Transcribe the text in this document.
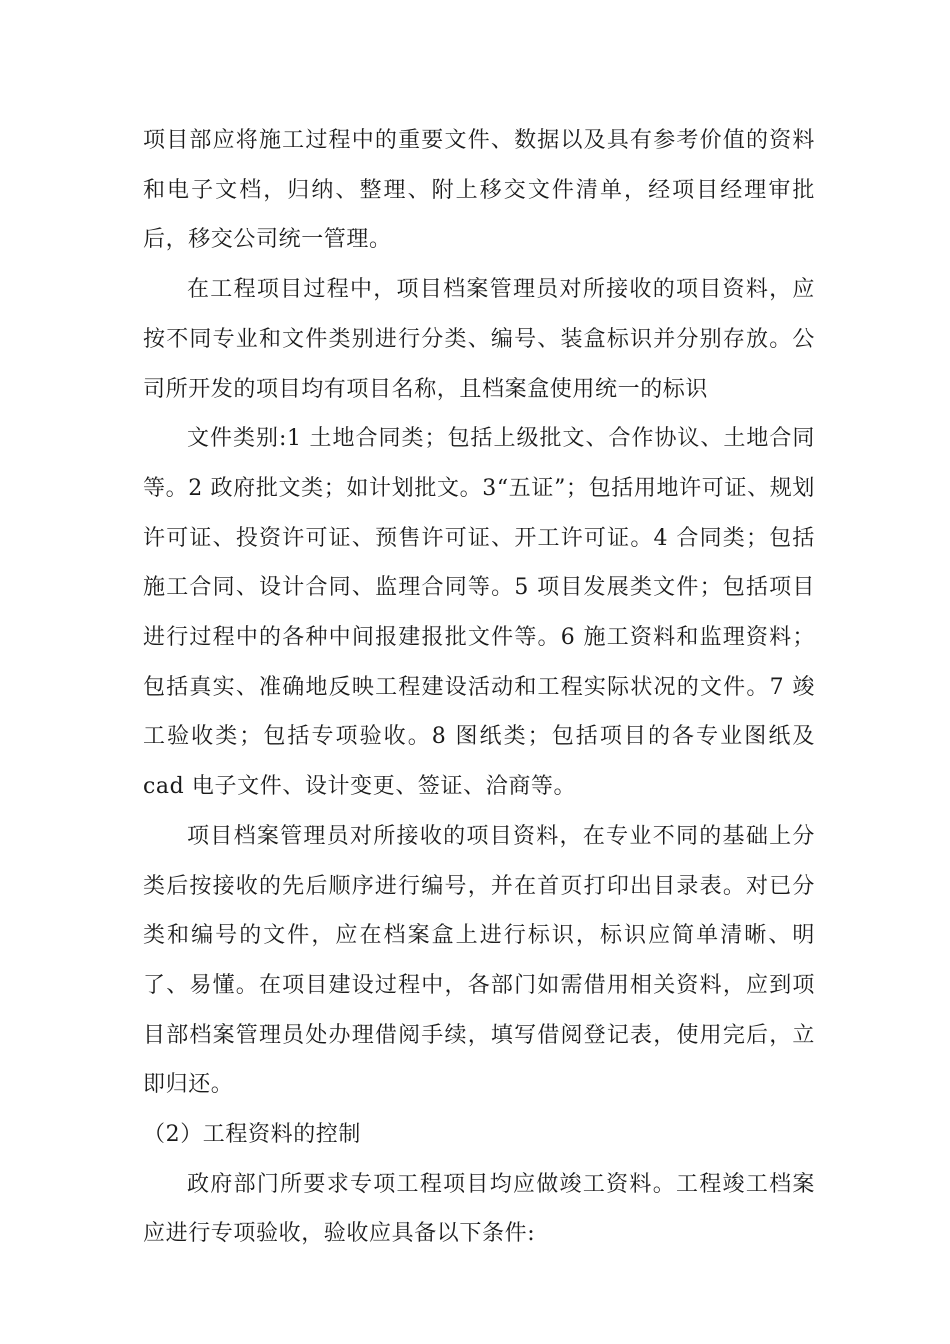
项目部应将施工过程中的重要文件、数据以及具有参考价值的资料和电子文档，归纳、整理、附上移交文件清单，经项目经理审批后，移交公司统一管理。

在工程项目过程中，项目档案管理员对所接收的项目资料，应按不同专业和文件类别进行分类、编号、装盒标识并分别存放。公司所开发的项目均有项目名称，且档案盒使用统一的标识

文件类别:1 土地合同类；包括上级批文、合作协议、土地合同等。2 政府批文类；如计划批文。3“五证”；包括用地许可证、规划许可证、投资许可证、预售许可证、开工许可证。4 合同类；包括施工合同、设计合同、监理合同等。5 项目发展类文件；包括项目进行过程中的各种中间报建报批文件等。6 施工资料和监理资料；包括真实、准确地反映工程建设活动和工程实际状况的文件。7 竣工验收类；包括专项验收。8 图纸类；包括项目的各专业图纸及 cad 电子文件、设计变更、签证、洽商等。

项目档案管理员对所接收的项目资料，在专业不同的基础上分类后按接收的先后顺序进行编号，并在首页打印出目录表。对已分类和编号的文件，应在档案盒上进行标识，标识应简单清晰、明了、易懂。在项目建设过程中，各部门如需借用相关资料，应到项目部档案管理员处办理借阅手续，填写借阅登记表，使用完后，立即归还。

（2）工程资料的控制

政府部门所要求专项工程项目均应做竣工资料。工程竣工档案应进行专项验收，验收应具备以下条件:
